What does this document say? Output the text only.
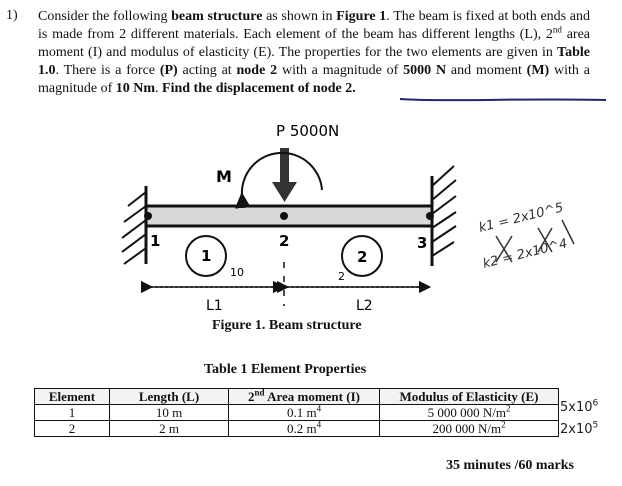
1) Consider the following beam structure as shown in Figure 1. The beam is fixed at both ends and is made from 2 different materials. Each element of the beam has different lengths (L), 2nd area moment (I) and modulus of elasticity (E). The properties for the two elements are given in Table 1.0. There is a force (P) acting at node 2 with a magnitude of 5000 N and moment (M) with a magnitude of 10 Nm. Find the displacement of node 2.
P 5000N
M
1	2	3
1	2
10	2
L1	L2
k1 = 2x10^5
k2 = 2x10^4
Figure 1. Beam structure
Table 1 Element Properties
Element	Length (L)	2nd Area moment (I)	Modulus of Elasticity (E)
1	10 m	0.1 $m^4$	5 000 000 $N/m^2$
2	2 m	0.2 $m^4$	200 000 $N/m^2$
$5x10^6$
$2x10^5$
35 minutes /60 marks
